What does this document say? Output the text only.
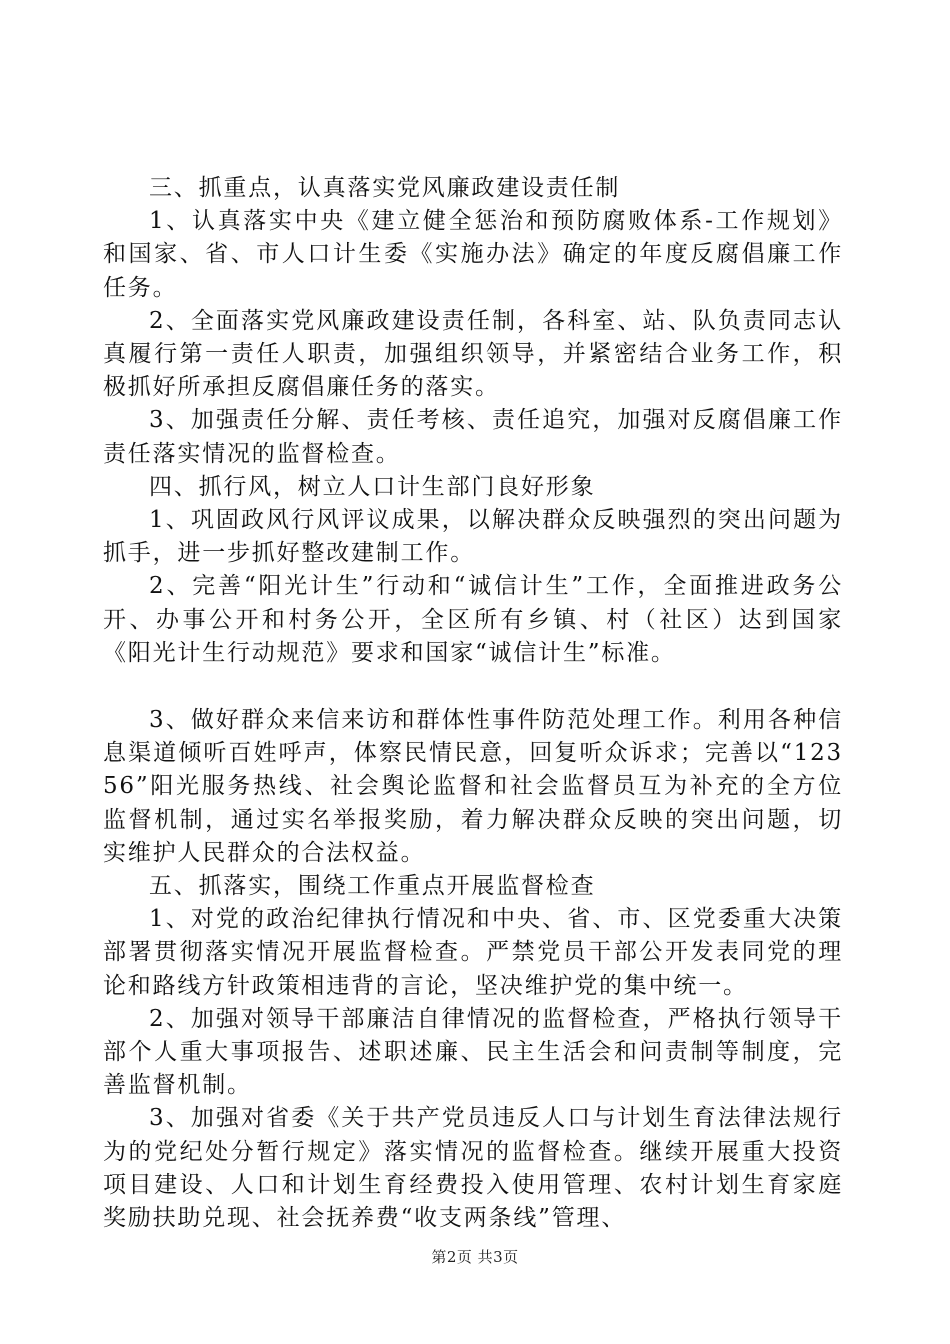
三、抓重点，认真落实党风廉政建设责任制

1、认真落实中央《建立健全惩治和预防腐败体系-工作规划》和国家、省、市人口计生委《实施办法》确定的年度反腐倡廉工作任务。

2、全面落实党风廉政建设责任制，各科室、站、队负责同志认真履行第一责任人职责，加强组织领导，并紧密结合业务工作，积极抓好所承担反腐倡廉任务的落实。

3、加强责任分解、责任考核、责任追究，加强对反腐倡廉工作责任落实情况的监督检查。

四、抓行风，树立人口计生部门良好形象

1、巩固政风行风评议成果，以解决群众反映强烈的突出问题为抓手，进一步抓好整改建制工作。

2、完善“阳光计生”行动和“诚信计生”工作，全面推进政务公开、办事公开和村务公开，全区所有乡镇、村（社区）达到国家《阳光计生行动规范》要求和国家“诚信计生”标准。

3、做好群众来信来访和群体性事件防范处理工作。利用各种信息渠道倾听百姓呼声，体察民情民意，回复听众诉求；完善以“12356”阳光服务热线、社会舆论监督和社会监督员互为补充的全方位监督机制，通过实名举报奖励，着力解决群众反映的突出问题，切实维护人民群众的合法权益。

五、抓落实，围绕工作重点开展监督检查

1、对党的政治纪律执行情况和中央、省、市、区党委重大决策部署贯彻落实情况开展监督检查。严禁党员干部公开发表同党的理论和路线方针政策相违背的言论，坚决维护党的集中统一。

2、加强对领导干部廉洁自律情况的监督检查，严格执行领导干部个人重大事项报告、述职述廉、民主生活会和问责制等制度，完善监督机制。

3、加强对省委《关于共产党员违反人口与计划生育法律法规行为的党纪处分暂行规定》落实情况的监督检查。继续开展重大投资项目建设、人口和计划生育经费投入使用管理、农村计划生育家庭奖励扶助兑现、社会抚养费“收支两条线”管理、

第2页 共3页
